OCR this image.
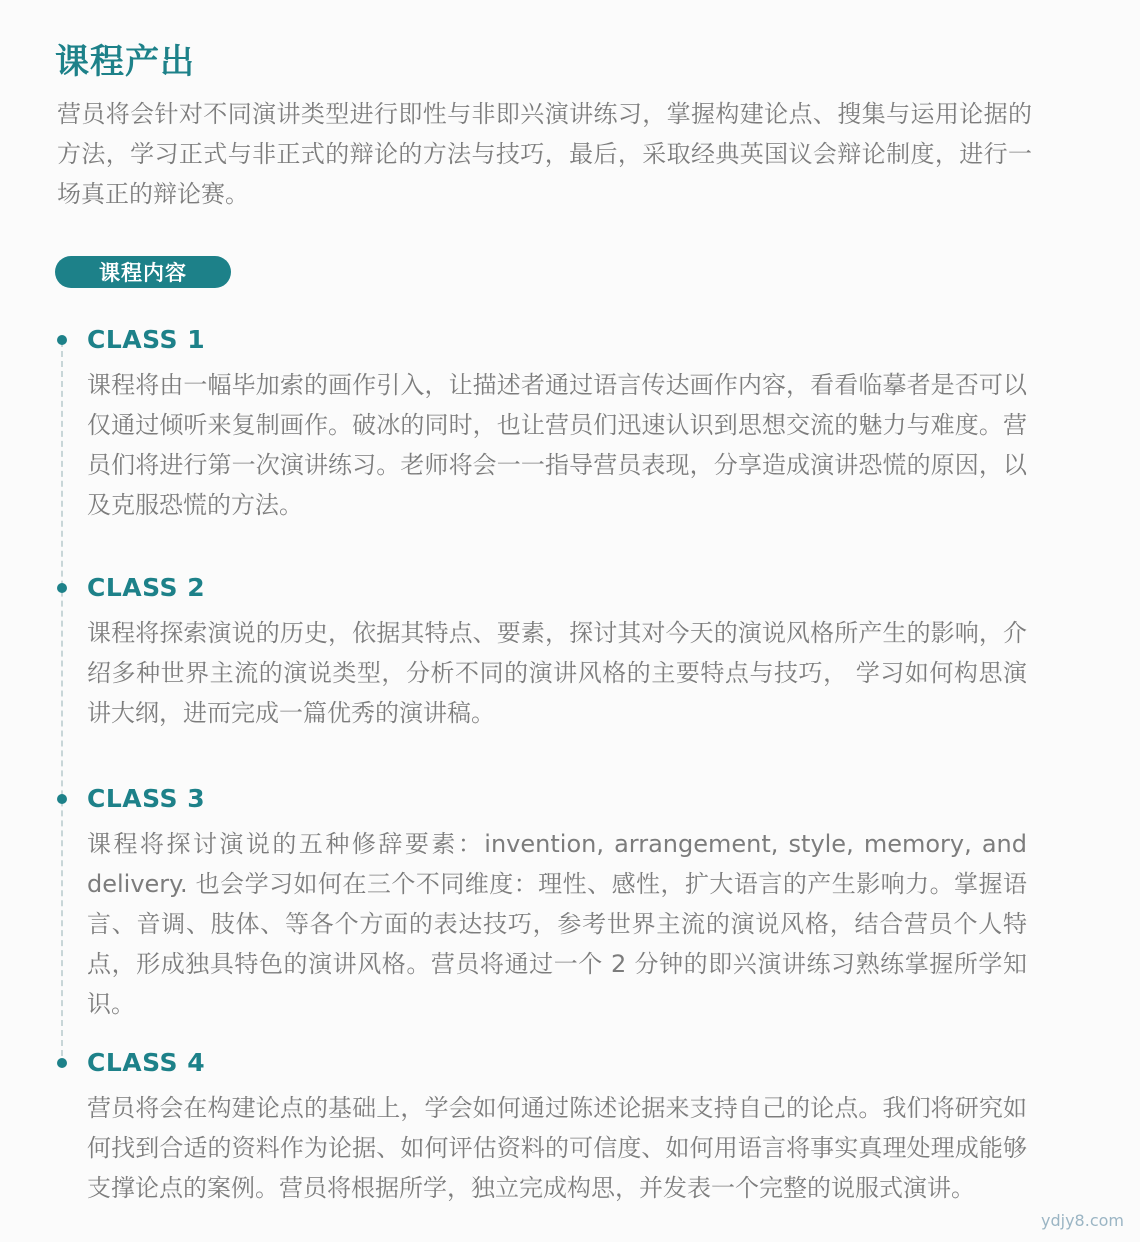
课程产出
营员将会针对不同演讲类型进行即性与非即兴演讲练习，掌握构建论点、搜集与运用论据的方法，学习正式与非正式的辩论的方法与技巧，最后，采取经典英国议会辩论制度，进行一场真正的辩论赛。
课程内容
CLASS 1
课程将由一幅毕加索的画作引入，让描述者通过语言传达画作内容，看看临摹者是否可以仅通过倾听来复制画作。破冰的同时，也让营员们迅速认识到思想交流的魅力与难度。营员们将进行第一次演讲练习。老师将会一一指导营员表现，分享造成演讲恐慌的原因，以及克服恐慌的方法。
CLASS 2
课程将探索演说的历史，依据其特点、要素，探讨其对今天的演说风格所产生的影响，介绍多种世界主流的演说类型，分析不同的演讲风格的主要特点与技巧， 学习如何构思演讲大纲，进而完成一篇优秀的演讲稿。
CLASS 3
课程将探讨演说的五种修辞要素：invention, arrangement, style, memory, and delivery. 也会学习如何在三个不同维度：理性、感性，扩大语言的产生影响力。掌握语言、音调、肢体、等各个方面的表达技巧，参考世界主流的演说风格，结合营员个人特点，形成独具特色的演讲风格。营员将通过一个 2 分钟的即兴演讲练习熟练掌握所学知识。
CLASS 4
营员将会在构建论点的基础上，学会如何通过陈述论据来支持自己的论点。我们将研究如何找到合适的资料作为论据、如何评估资料的可信度、如何用语言将事实真理处理成能够支撑论点的案例。营员将根据所学，独立完成构思，并发表一个完整的说服式演讲。
ydjy8.com
